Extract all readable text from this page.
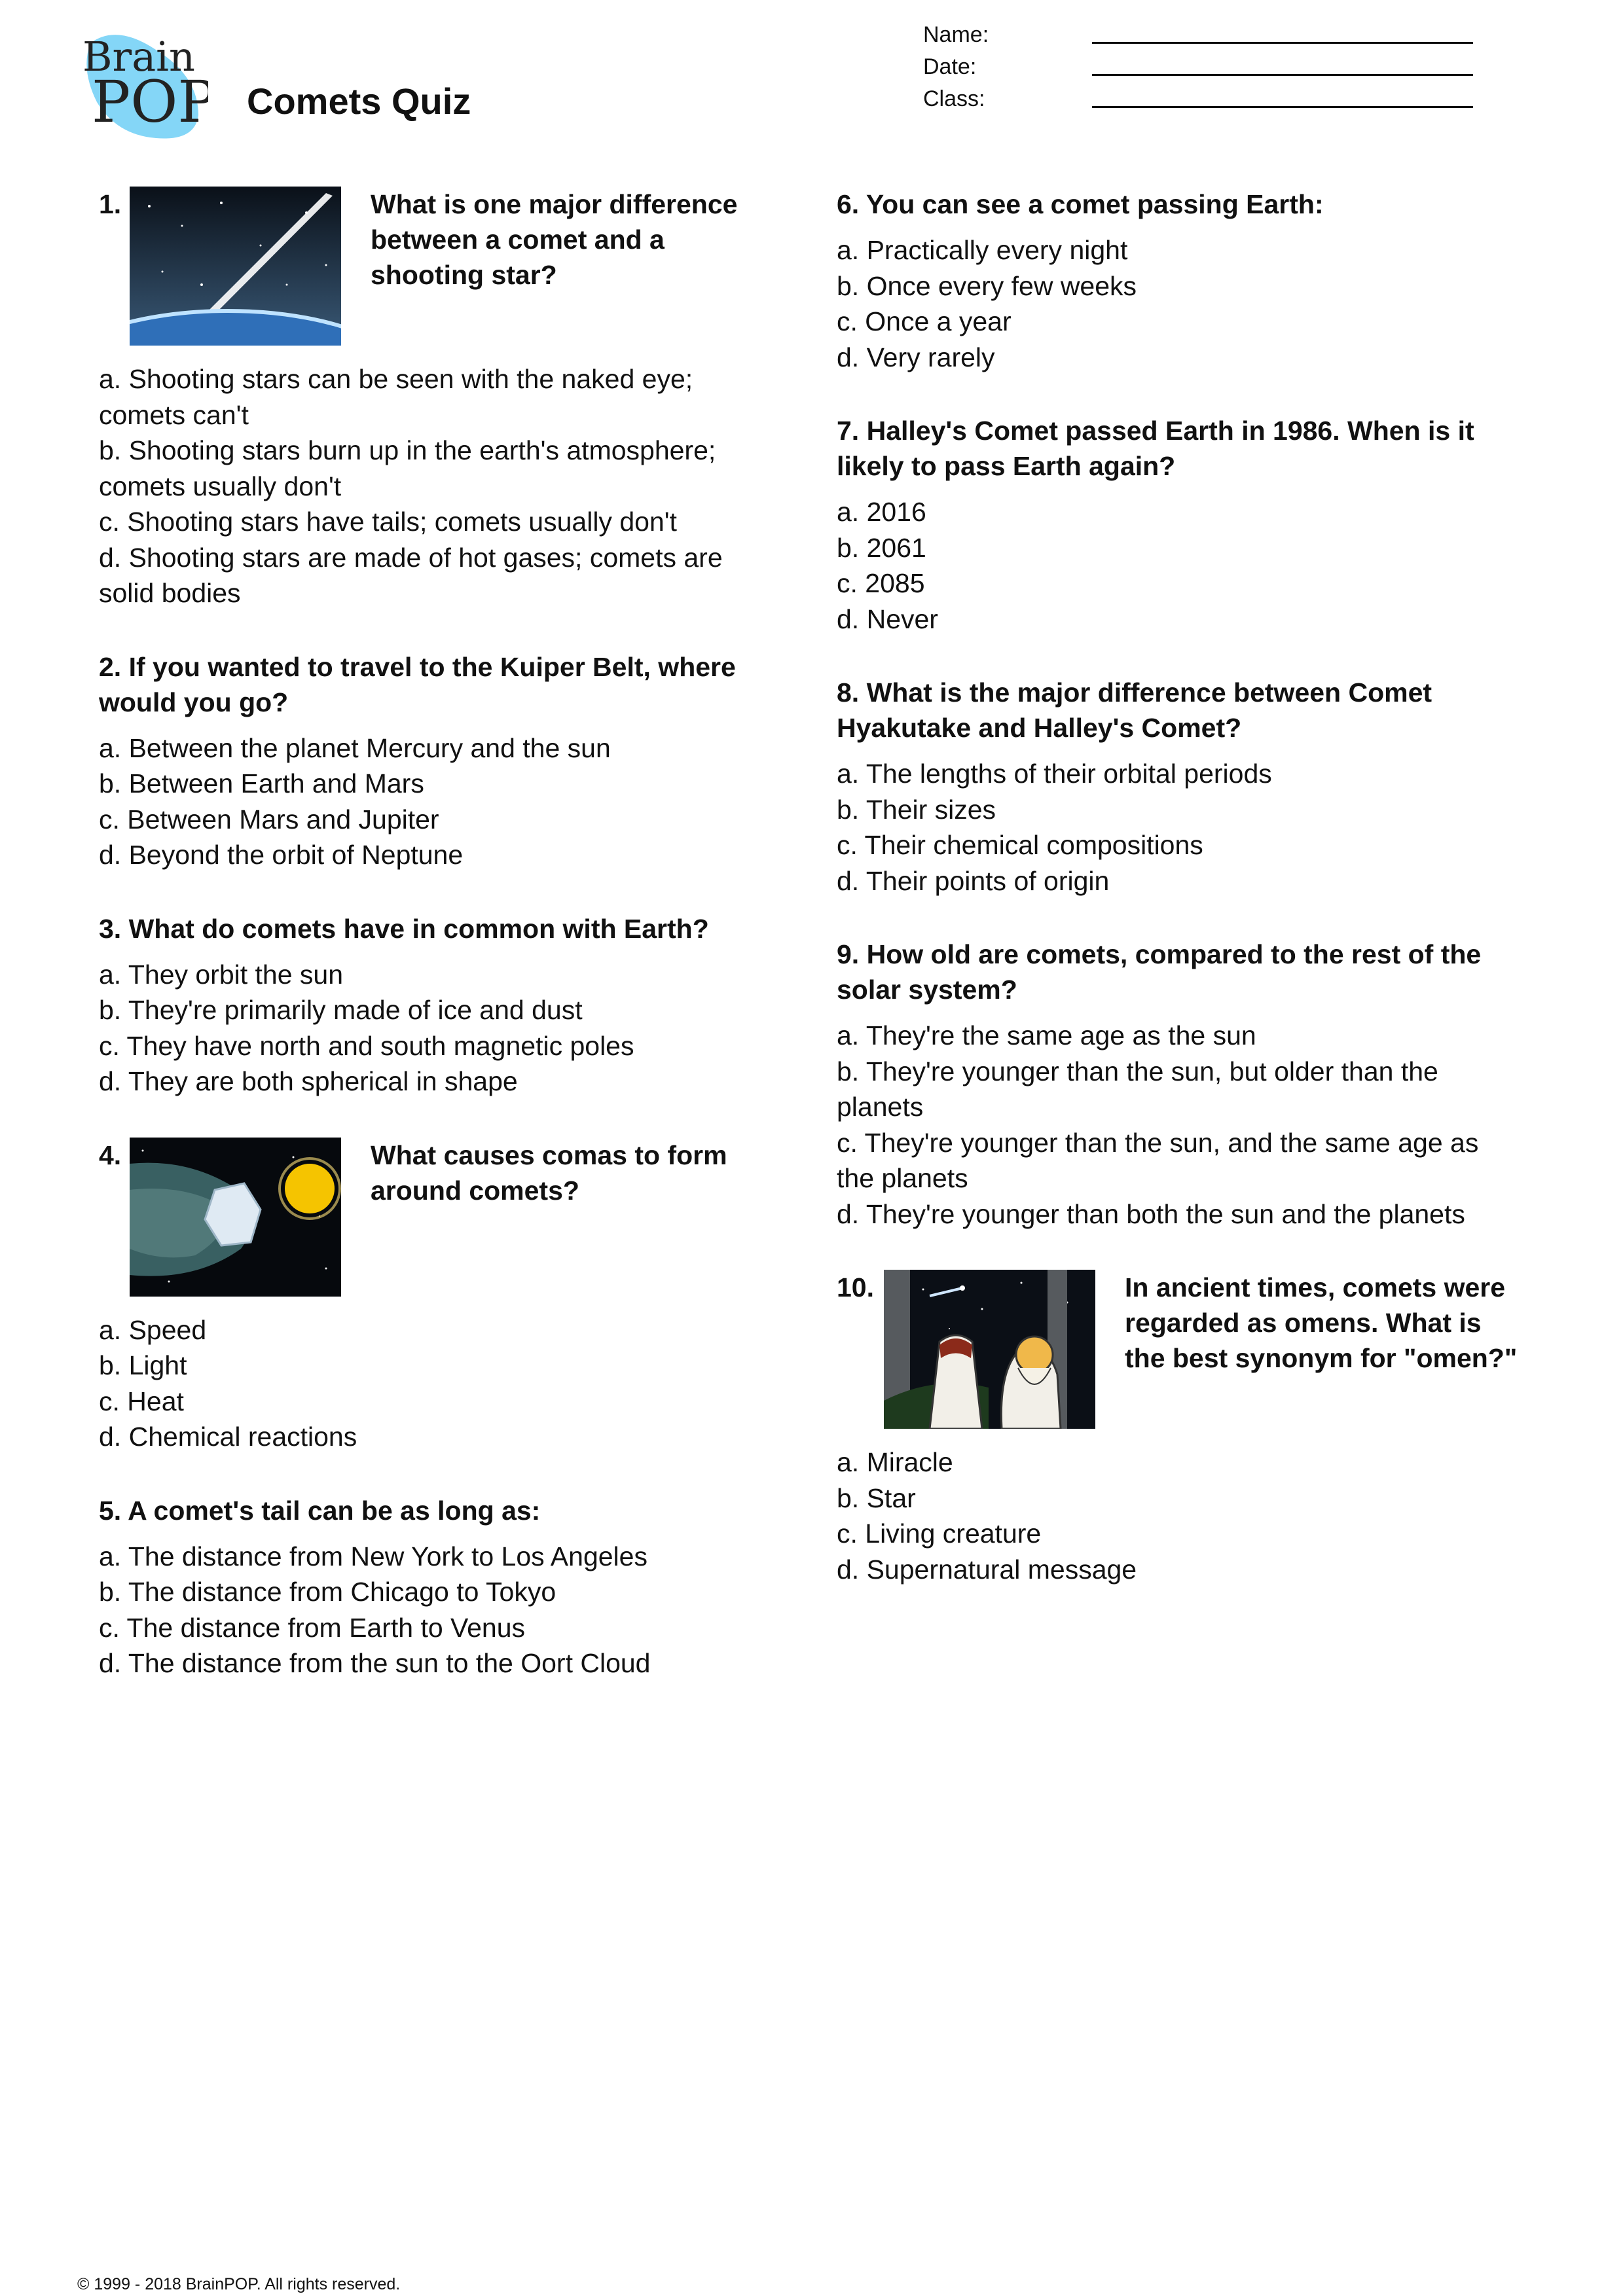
Brain
POP Comets Quiz
Name:
Date:
Class:
1.	What is one major difference between a comet and a shooting star?
a. Shooting stars can be seen with the naked eye; comets can't
b. Shooting stars burn up in the earth's atmosphere; comets usually don't
c. Shooting stars have tails; comets usually don't
d. Shooting stars are made of hot gases; comets are solid bodies
2. If you wanted to travel to the Kuiper Belt, where would you go?
a. Between the planet Mercury and the sun
b. Between Earth and Mars
c. Between Mars and Jupiter
d. Beyond the orbit of Neptune
3. What do comets have in common with Earth?
a. They orbit the sun
b. They're primarily made of ice and dust
c. They have north and south magnetic poles
d. They are both spherical in shape
4.	What causes comas to form around comets?
a. Speed
b. Light
c. Heat
d. Chemical reactions
5. A comet's tail can be as long as:
a. The distance from New York to Los Angeles
b. The distance from Chicago to Tokyo
c. The distance from Earth to Venus
d. The distance from the sun to the Oort Cloud
6. You can see a comet passing Earth:
a. Practically every night
b. Once every few weeks
c. Once a year
d. Very rarely
7. Halley's Comet passed Earth in 1986. When is it likely to pass Earth again?
a. 2016
b. 2061
c. 2085
d. Never
8. What is the major difference between Comet Hyakutake and Halley's Comet?
a. The lengths of their orbital periods
b. Their sizes
c. Their chemical compositions
d. Their points of origin
9. How old are comets, compared to the rest of the solar system?
a. They're the same age as the sun
b. They're younger than the sun, but older than the planets
c. They're younger than the sun, and the same age as the planets
d. They're younger than both the sun and the planets
10.	In ancient times, comets were regarded as omens. What is the best synonym for "omen?"
a. Miracle
b. Star
c. Living creature
d. Supernatural message
© 1999 - 2018 BrainPOP. All rights reserved.
